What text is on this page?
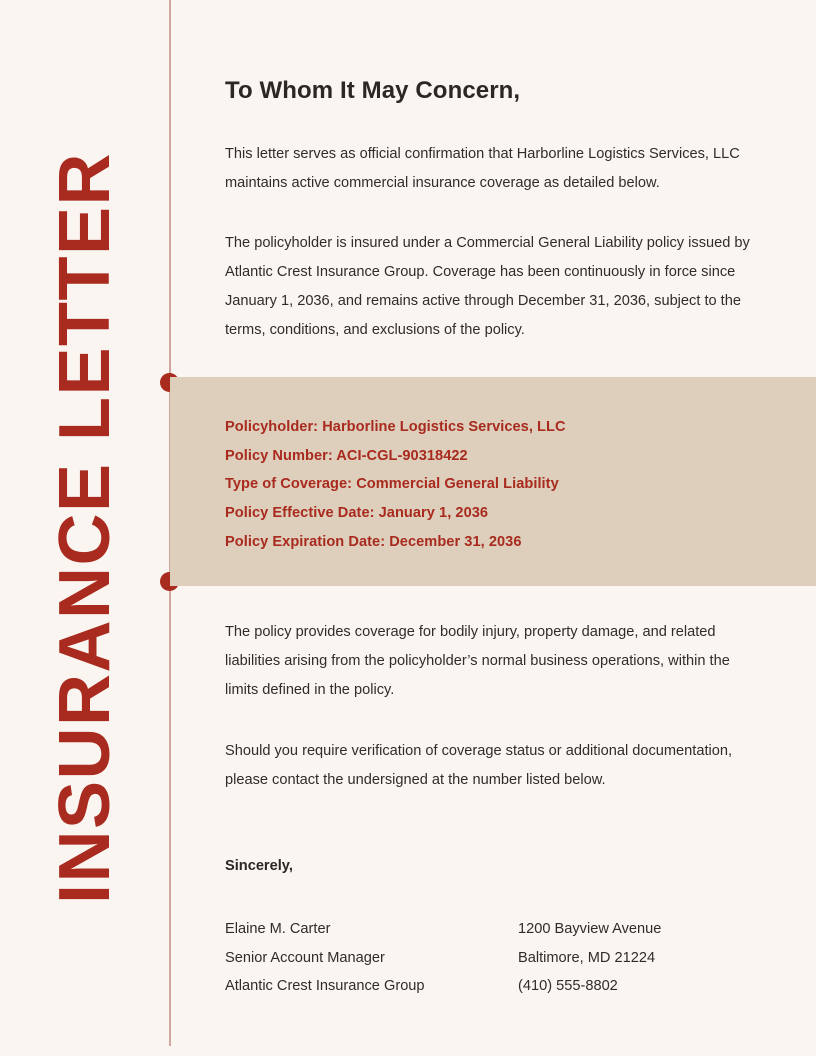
INSURANCE LETTER
To Whom It May Concern,

This letter serves as official confirmation that Harborline Logistics Services, LLC maintains active commercial insurance coverage as detailed below.

The policyholder is insured under a Commercial General Liability policy issued by Atlantic Crest Insurance Group. Coverage has been continuously in force since January 1, 2036, and remains active through December 31, 2036, subject to the terms, conditions, and exclusions of the policy.

The policy provides coverage for bodily injury, property damage, and related liabilities arising from the policyholder’s normal business operations, within the limits defined in the policy.

Should you require verification of coverage status or additional documentation, please contact the undersigned at the number listed below.

Sincerely,
Elaine M. Carter
Senior Account Manager
Atlantic Crest Insurance Group
1200 Bayview Avenue
Baltimore, MD 21224
(410) 555-8802
Policyholder: Harborline Logistics Services, LLC
Policy Number: ACI-CGL-90318422
Type of Coverage: Commercial General Liability
Policy Effective Date: January 1, 2036
Policy Expiration Date: December 31, 2036
